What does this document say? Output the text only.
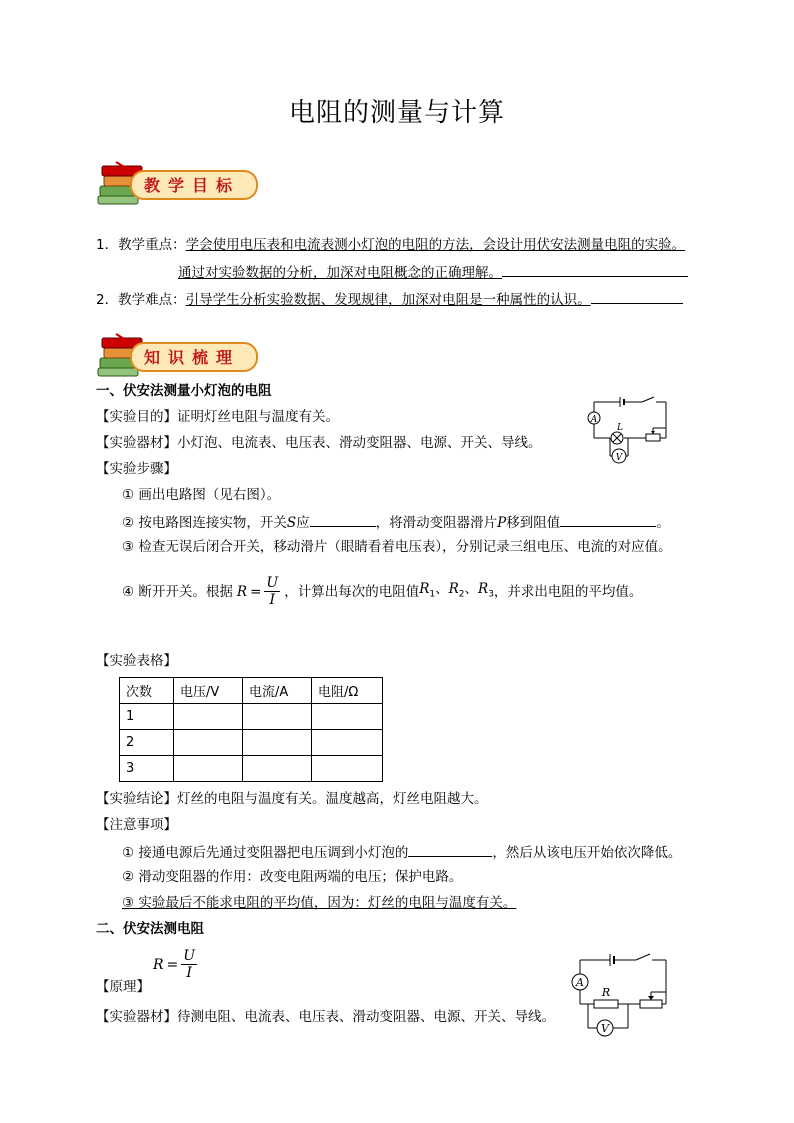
电阻的测量与计算
教学目标
1．教学重点：学会使用电压表和电流表测小灯泡的电阻的方法，会设计用伏安法测量电阻的实验。
通过对实验数据的分析，加深对电阻概念的正确理解。
2．教学难点：引导学生分析实验数据、发现规律，加深对电阻是一种属性的认识。
知识梳理
一、伏安法测量小灯泡的电阻
【实验目的】证明灯丝电阻与温度有关。
【实验器材】小灯泡、电流表、电压表、滑动变阻器、电源、开关、导线。
【实验步骤】
① 画出电路图（见右图）。
② 按电路图连接实物，开关S应	，将滑动变阻器滑片P移到阻值	。
③ 检查无误后闭合开关，移动滑片（眼睛看着电压表），分别记录三组电压、电流的对应值。
④ 断开开关。根据 $R = \frac{U}{I}$ ，计算出每次的电阻值 $R_1$、$R_2$、$R_3$ ，并求出电阻的平均值。
【实验表格】
次数	电压/V	电流/A	电阻/Ω
1			
2			
3			
【实验结论】灯丝的电阻与温度有关。温度越高，灯丝电阻越大。
【注意事项】
① 接通电源后先通过变阻器把电压调到小灯泡的	，然后从该电压开始依次降低。
② 滑动变阻器的作用：改变电阻两端的电压；保护电路。
③ 实验最后不能求电阻的平均值，因为：灯丝的电阻与温度有关。
二、伏安法测电阻
$R = \frac{U}{I}$
【原理】
【实验器材】待测电阻、电流表、电压表、滑动变阻器、电源、开关、导线。
A
V
L
A
V
R
